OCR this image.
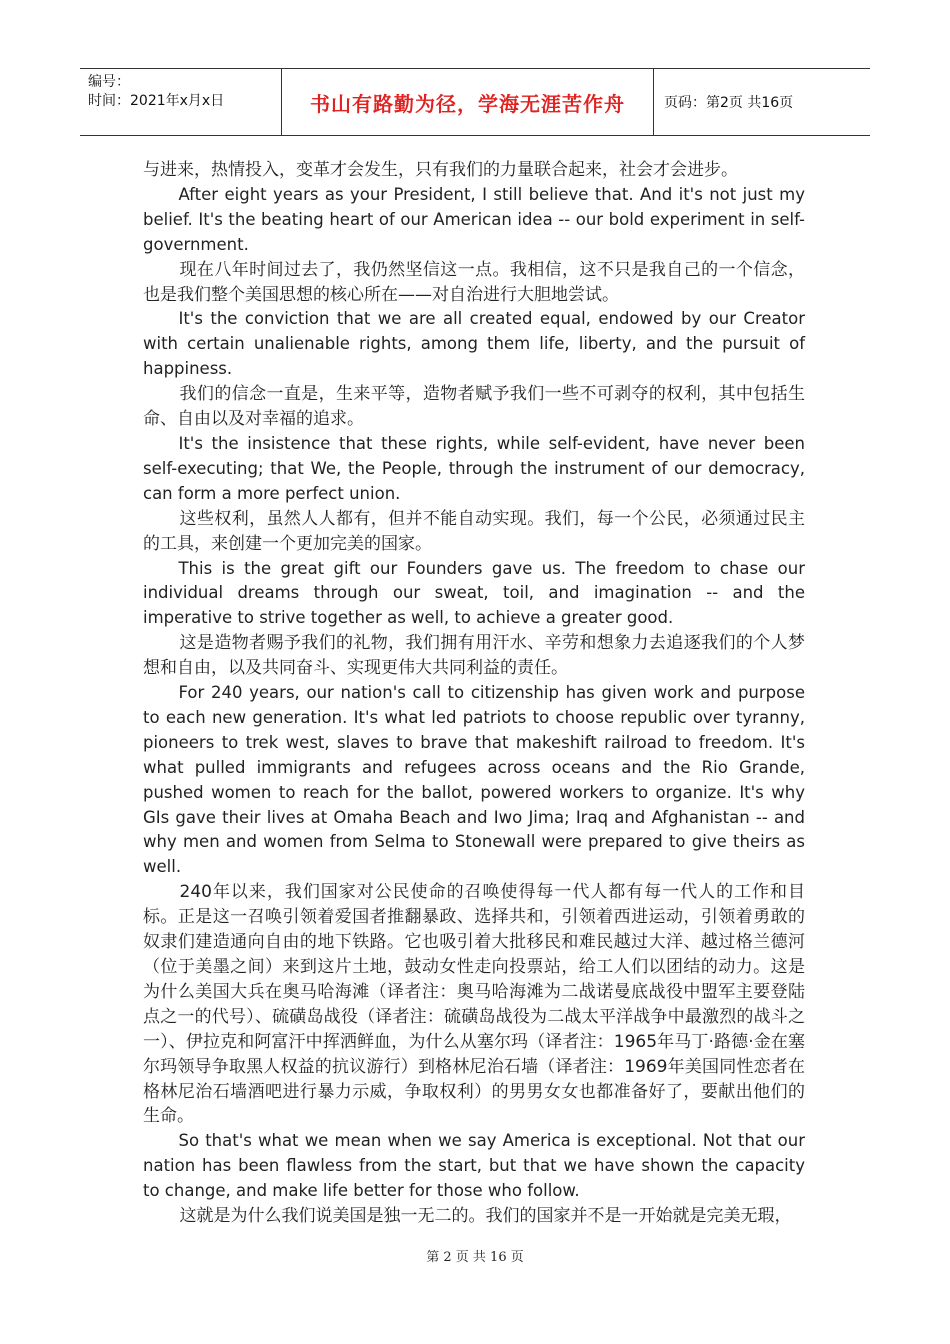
编号：
时间：2021年x月x日	书山有路勤为径，学海无涯苦作舟	页码：第2页 共16页

与进来，热情投入，变革才会发生，只有我们的力量联合起来，社会才会进步。

After eight years as your President, I still believe that. And it's not just my belief. It's the beating heart of our American idea -- our bold experiment in self-government.

现在八年时间过去了，我仍然坚信这一点。我相信，这不只是我自己的一个信念，也是我们整个美国思想的核心所在——对自治进行大胆地尝试。

It's the conviction that we are all created equal, endowed by our Creator with certain unalienable rights, among them life, liberty, and the pursuit of happiness.

我们的信念一直是，生来平等，造物者赋予我们一些不可剥夺的权利，其中包括生命、自由以及对幸福的追求。

It's the insistence that these rights, while self-evident, have never been self-executing; that We, the People, through the instrument of our democracy, can form a more perfect union.

这些权利，虽然人人都有，但并不能自动实现。我们，每一个公民，必须通过民主的工具，来创建一个更加完美的国家。

This is the great gift our Founders gave us. The freedom to chase our individual dreams through our sweat, toil, and imagination -- and the imperative to strive together as well, to achieve a greater good.

这是造物者赐予我们的礼物，我们拥有用汗水、辛劳和想象力去追逐我们的个人梦想和自由，以及共同奋斗、实现更伟大共同利益的责任。

For 240 years, our nation's call to citizenship has given work and purpose to each new generation. It's what led patriots to choose republic over tyranny, pioneers to trek west, slaves to brave that makeshift railroad to freedom. It's what pulled immigrants and refugees across oceans and the Rio Grande, pushed women to reach for the ballot, powered workers to organize. It's why GIs gave their lives at Omaha Beach and Iwo Jima; Iraq and Afghanistan -- and why men and women from Selma to Stonewall were prepared to give theirs as well.

240年以来，我们国家对公民使命的召唤使得每一代人都有每一代人的工作和目标。正是这一召唤引领着爱国者推翻暴政、选择共和，引领着西进运动，引领着勇敢的奴隶们建造通向自由的地下铁路。它也吸引着大批移民和难民越过大洋、越过格兰德河（位于美墨之间）来到这片土地，鼓动女性走向投票站，给工人们以团结的动力。这是为什么美国大兵在奥马哈海滩（译者注：奥马哈海滩为二战诺曼底战役中盟军主要登陆点之一的代号）、硫磺岛战役（译者注：硫磺岛战役为二战太平洋战争中最激烈的战斗之一）、伊拉克和阿富汗中挥洒鲜血，为什么从塞尔玛（译者注：1965年马丁·路德·金在塞尔玛领导争取黑人权益的抗议游行）到格林尼治石墙（译者注：1969年美国同性恋者在格林尼治石墙酒吧进行暴力示威，争取权利）的男男女女也都准备好了，要献出他们的生命。

So that's what we mean when we say America is exceptional. Not that our nation has been flawless from the start, but that we have shown the capacity to change, and make life better for those who follow.

这就是为什么我们说美国是独一无二的。我们的国家并不是一开始就是完美无瑕，

第 2 页 共 16 页
